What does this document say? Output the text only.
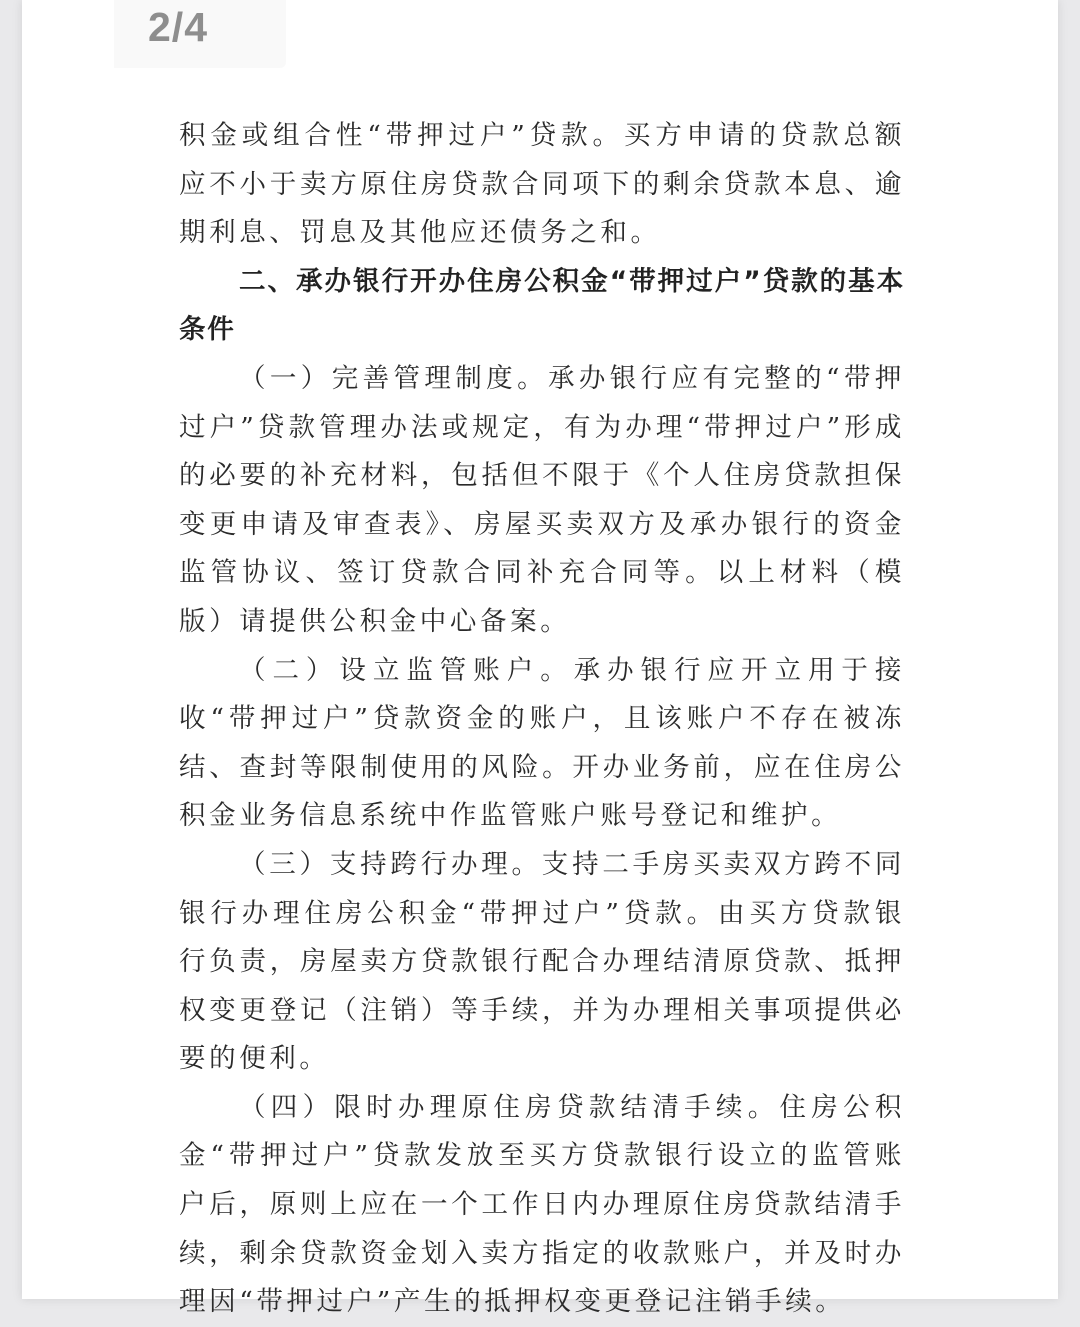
2/4

积金或组合性“带押过户”贷款。买方申请的贷款总额应不小于卖方原住房贷款合同项下的剩余贷款本息、逾期利息、罚息及其他应还债务之和。

二、承办银行开办住房公积金“带押过户”贷款的基本条件

（一）完善管理制度。承办银行应有完整的“带押过户”贷款管理办法或规定，有为办理“带押过户”形成的必要的补充材料，包括但不限于《个人住房贷款担保变更申请及审查表》、房屋买卖双方及承办银行的资金监管协议、签订贷款合同补充合同等。以上材料（模版）请提供公积金中心备案。

（二）设立监管账户。承办银行应开立用于接收“带押过户”贷款资金的账户，且该账户不存在被冻结、查封等限制使用的风险。开办业务前，应在住房公积金业务信息系统中作监管账户账号登记和维护。

（三）支持跨行办理。支持二手房买卖双方跨不同银行办理住房公积金“带押过户”贷款。由买方贷款银行负责，房屋卖方贷款银行配合办理结清原贷款、抵押权变更登记（注销）等手续，并为办理相关事项提供必要的便利。

（四）限时办理原住房贷款结清手续。住房公积金“带押过户”贷款发放至买方贷款银行设立的监管账户后，原则上应在一个工作日内办理原住房贷款结清手续，剩余贷款资金划入卖方指定的收款账户，并及时办理因“带押过户”产生的抵押权变更登记注销手续。
